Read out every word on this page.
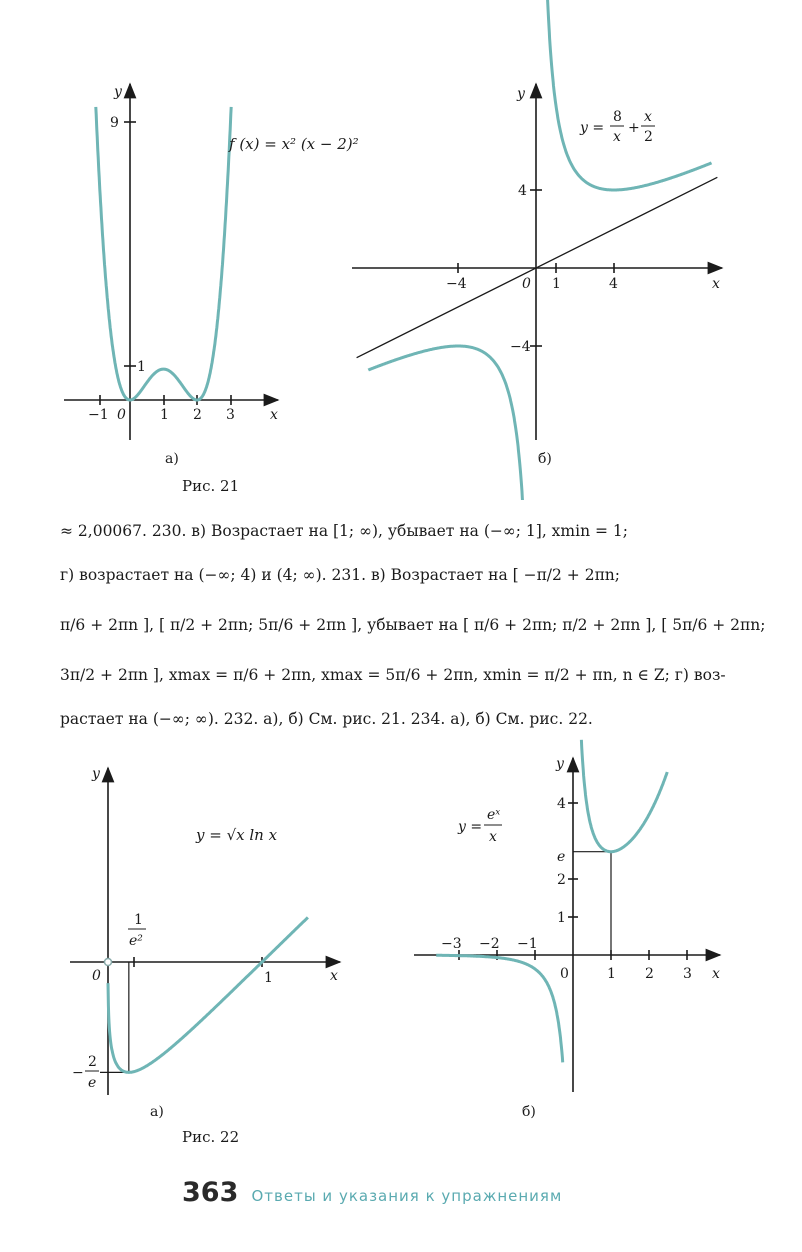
y
x
9
1
−1 0 1 2 3
f (x) = x² (x − 2)²
а)
y
x
4
−4
−4	0 1	4
y =
8
x
+
x
2
б)
Рис. 21
≈ 2,00067. 230. в) Возрастает на [1; ∞), убывает на (−∞; 1], xmin = 1;
г) возрастает на (−∞; 4) и (4; ∞). 231. в) Возрастает на [ −π/2 + 2πn;
π/6 + 2πn ], [ π/2 + 2πn; 5π/6 + 2πn ], убывает на [ π/6 + 2πn; π/2 + 2πn ], [ 5π/6 + 2πn;
3π/2 + 2πn ], xmax = π/6 + 2πn, xmax = 5π/6 + 2πn, xmin = π/2 + πn, n ∈ Z; г) воз-
растает на (−∞; ∞). 232. а), б) См. рис. 21. 234. а), б) См. рис. 22.
y
x
0	1
1
e²
−
2
e
y = √x ln x
а)
y
x
4
e
2
1
−3 −2 −1
0	1 2 3
y =
eˣ
x
б)
Рис. 22
363 Ответы и указания к упражнениям
